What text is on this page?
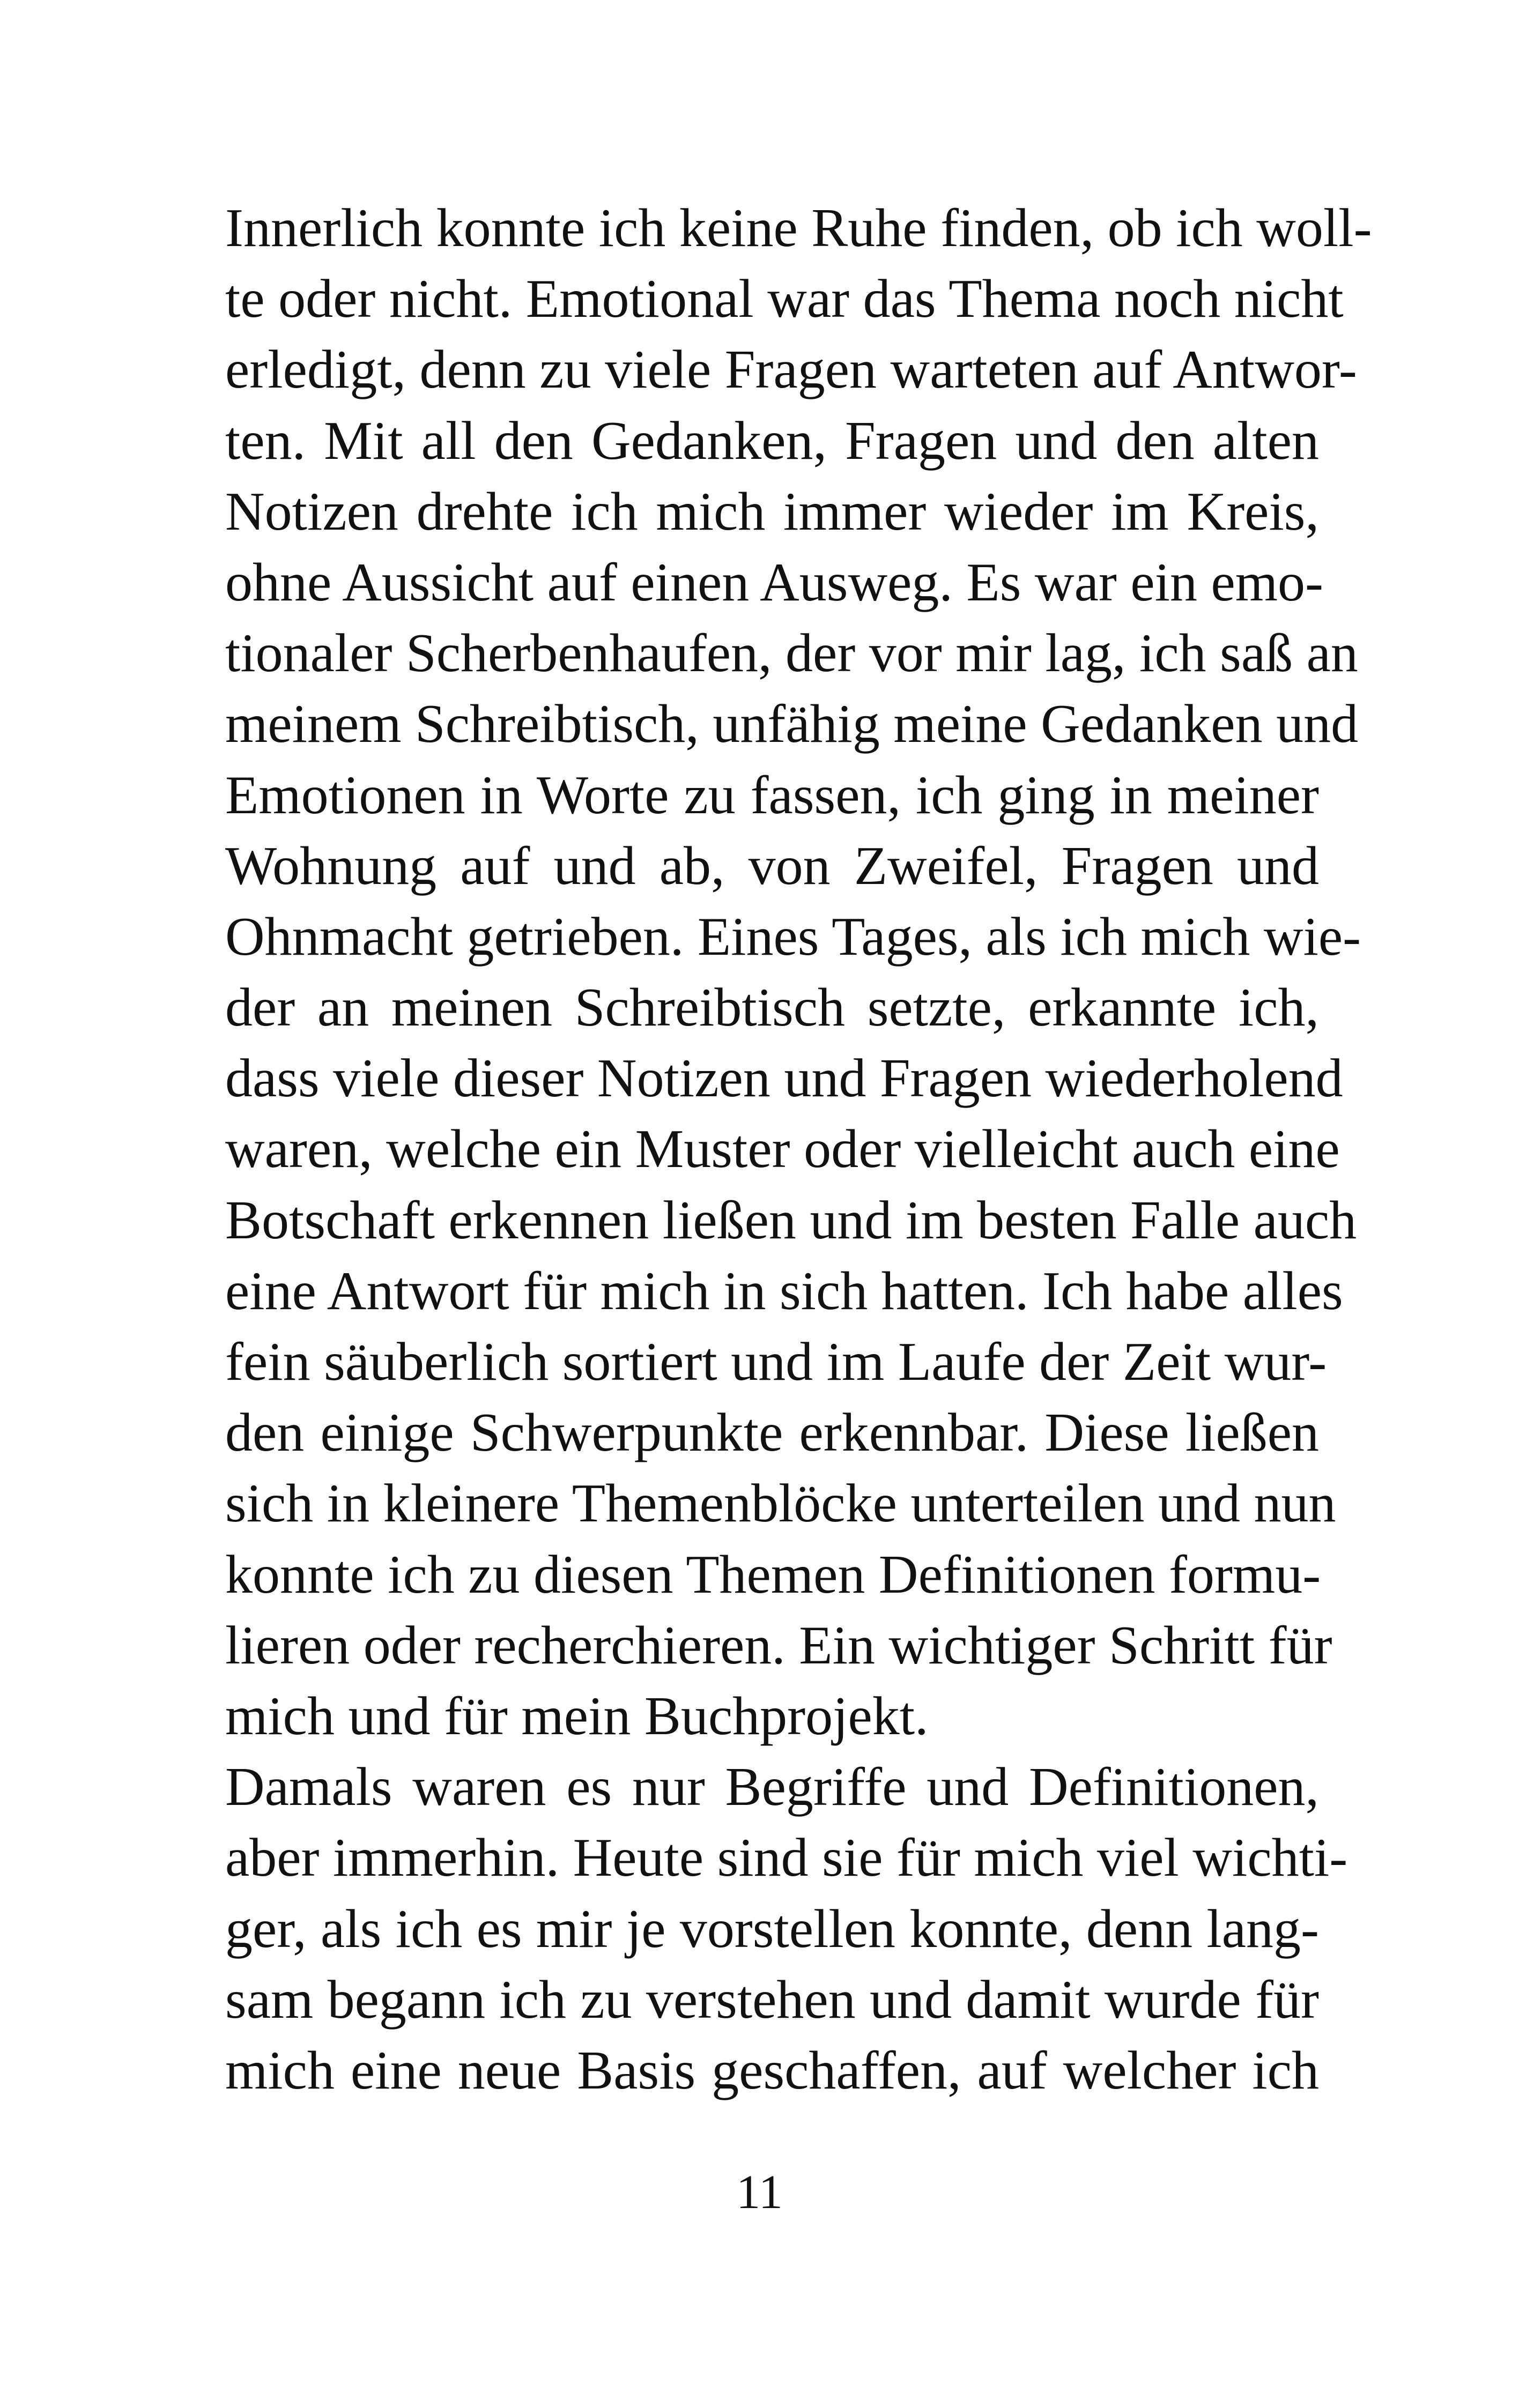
Innerlich konnte ich keine Ruhe finden, ob ich woll-
te oder nicht. Emotional war das Thema noch nicht
erledigt, denn zu viele Fragen warteten auf Antwor-
ten. Mit all den Gedanken, Fragen und den alten
Notizen drehte ich mich immer wieder im Kreis,
ohne Aussicht auf einen Ausweg. Es war ein emo-
tionaler Scherbenhaufen, der vor mir lag, ich saß an
meinem Schreibtisch, unfähig meine Gedanken und
Emotionen in Worte zu fassen, ich ging in meiner
Wohnung auf und ab, von Zweifel, Fragen und
Ohnmacht getrieben. Eines Tages, als ich mich wie-
der an meinen Schreibtisch setzte, erkannte ich,
dass viele dieser Notizen und Fragen wiederholend
waren, welche ein Muster oder vielleicht auch eine
Botschaft erkennen ließen und im besten Falle auch
eine Antwort für mich in sich hatten. Ich habe alles
fein säuberlich sortiert und im Laufe der Zeit wur-
den einige Schwerpunkte erkennbar. Diese ließen
sich in kleinere Themenblöcke unterteilen und nun
konnte ich zu diesen Themen Definitionen formu-
lieren oder recherchieren. Ein wichtiger Schritt für
mich und für mein Buchprojekt.
Damals waren es nur Begriffe und Definitionen,
aber immerhin. Heute sind sie für mich viel wichti-
ger, als ich es mir je vorstellen konnte, denn lang-
sam begann ich zu verstehen und damit wurde für
mich eine neue Basis geschaffen, auf welcher ich
11
